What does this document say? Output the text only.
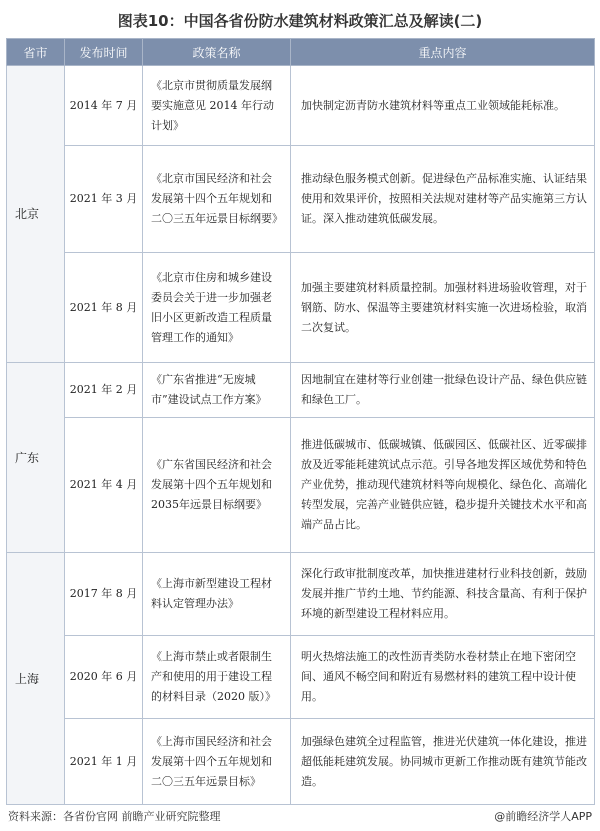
图表10：中国各省份防水建筑材料政策汇总及解读(二)
省市	发布时间	政策名称	重点内容
北京	2014 年 7 月	《北京市贯彻质量发展纲要实施意见 2014 年行动计划》	加快制定沥青防水建筑材料等重点工业领域能耗标准。
	2021 年 3 月	《北京市国民经济和社会发展第十四个五年规划和二〇三五年远景目标纲要》	推动绿色服务模式创新。促进绿色产品标准实施、认证结果使用和效果评价，按照相关法规对建材等产品实施第三方认证。深入推动建筑低碳发展。
	2021 年 8 月	《北京市住房和城乡建设委员会关于进一步加强老旧小区更新改造工程质量管理工作的通知》	加强主要建筑材料质量控制。加强材料进场验收管理，对于钢筋、防水、保温等主要建筑材料实施一次进场检验，取消二次复试。
广东	2021 年 2 月	《广东省推进“无废城市”建设试点工作方案》	因地制宜在建材等行业创建一批绿色设计产品、绿色供应链和绿色工厂。
	2021 年 4 月	《广东省国民经济和社会发展第十四个五年规划和2035年远景目标纲要》	推进低碳城市、低碳城镇、低碳园区、低碳社区、近零碳排放及近零能耗建筑试点示范。引导各地发挥区域优势和特色产业优势，推动现代建筑材料等向规模化、绿色化、高端化转型发展，完善产业链供应链，稳步提升关键技术水平和高端产品占比。
上海	2017 年 8 月	《上海市新型建设工程材料认定管理办法》	深化行政审批制度改革，加快推进建材行业科技创新，鼓励发展并推广节约土地、节约能源、科技含量高、有利于保护环境的新型建设工程材料应用。
	2020 年 6 月	《上海市禁止或者限制生产和使用的用于建设工程的材料目录（2020 版）》	明火热熔法施工的改性沥青类防水卷材禁止在地下密闭空间、通风不畅空间和附近有易燃材料的建筑工程中设计使用。
	2021 年 1 月	《上海市国民经济和社会发展第十四个五年规划和二〇三五年远景目标》	加强绿色建筑全过程监管，推进光伏建筑一体化建设，推进超低能耗建筑发展。协同城市更新工作推动既有建筑节能改造。
资料来源：各省份官网 前瞻产业研究院整理	@前瞻经济学人APP
